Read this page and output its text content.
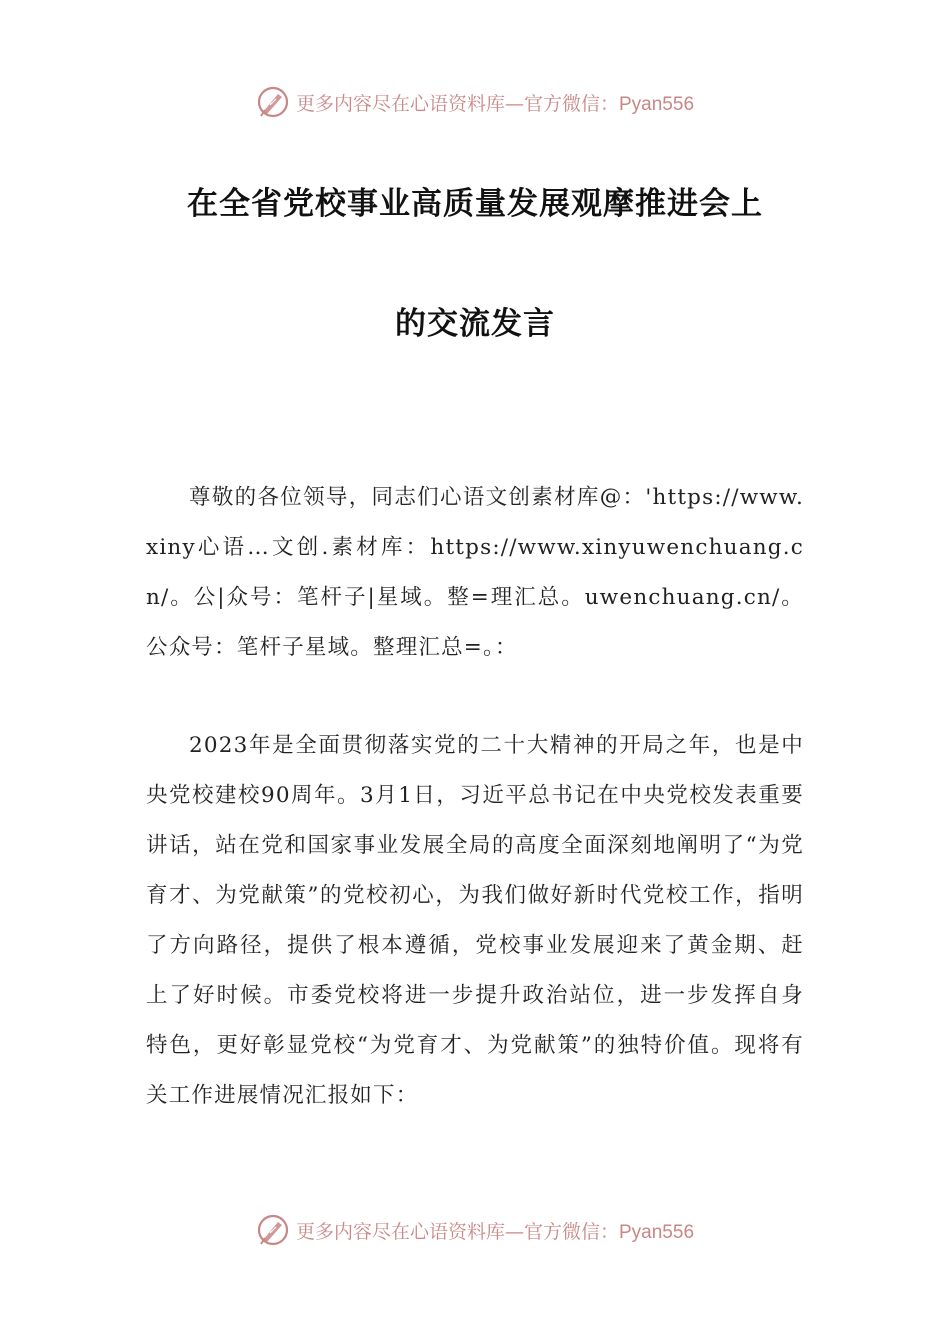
更多内容尽在心语资料库—官方微信：Pyan556
在全省党校事业高质量发展观摩推进会上
的交流发言
尊敬的各位领导，同志们心语文创素材库@：'https://www.xiny心语…文创.素材库：https://www.xinyuwenchuang.cn/。公|众号：笔杆子|星域。整=理汇总。uwenchuang.cn/。公众号：笔杆子星域。整理汇总=。：
2023年是全面贯彻落实党的二十大精神的开局之年，也是中央党校建校90周年。3月1日，习近平总书记在中央党校发表重要讲话，站在党和国家事业发展全局的高度全面深刻地阐明了“为党育才、为党献策”的党校初心，为我们做好新时代党校工作，指明了方向路径，提供了根本遵循，党校事业发展迎来了黄金期、赶上了好时候。市委党校将进一步提升政治站位，进一步发挥自身特色，更好彰显党校“为党育才、为党献策”的独特价值。现将有关工作进展情况汇报如下：
更多内容尽在心语资料库—官方微信：Pyan556
